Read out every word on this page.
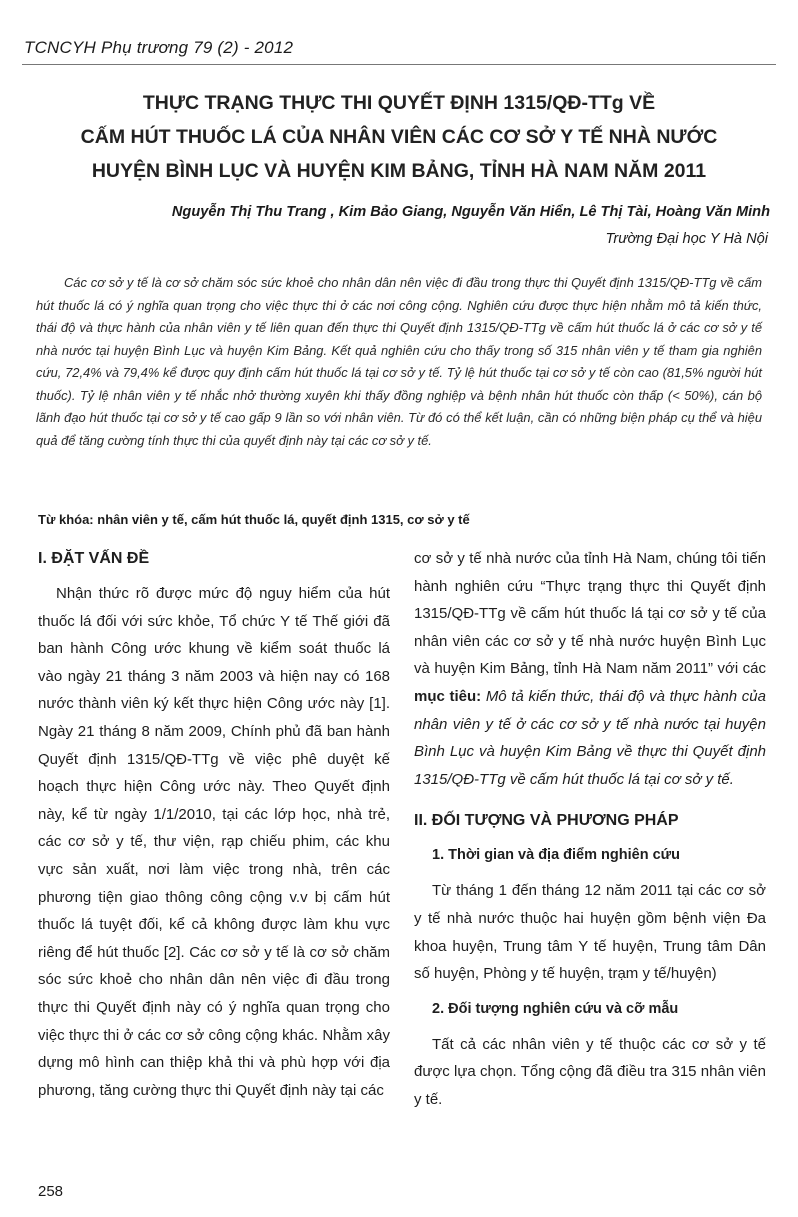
TCNCYH Phụ trương 79 (2) - 2012
THỰC TRẠNG THỰC THI QUYẾT ĐỊNH 1315/QĐ-TTg VỀ
CẤM HÚT THUỐC LÁ CỦA NHÂN VIÊN CÁC CƠ SỞ Y TẾ NHÀ NƯỚC
HUYỆN BÌNH LỤC VÀ HUYỆN KIM BẢNG, TỈNH HÀ NAM NĂM 2011
Nguyễn Thị Thu Trang , Kim Bảo Giang, Nguyễn Văn Hiển, Lê Thị Tài, Hoàng Văn Minh
Trường Đại học Y Hà Nội

Các cơ sở y tế là cơ sở chăm sóc sức khoẻ cho nhân dân nên việc đi đầu trong thực thi Quyết định 1315/QĐ-TTg về cấm hút thuốc lá có ý nghĩa quan trọng cho việc thực thi ở các nơi công cộng. Nghiên cứu được thực hiện nhằm mô tả kiến thức, thái độ và thực hành của nhân viên y tế liên quan đến thực thi Quyết định 1315/QĐ-TTg về cấm hút thuốc lá ở các cơ sở y tế nhà nước tại huyện Bình Lục và huyện Kim Bảng. Kết quả nghiên cứu cho thấy trong số 315 nhân viên y tế tham gia nghiên cứu, 72,4% và 79,4% kể được quy định cấm hút thuốc lá tại cơ sở y tế. Tỷ lệ hút thuốc tại cơ sở y tế còn cao (81,5% người hút thuốc). Tỷ lệ nhân viên y tế nhắc nhở thường xuyên khi thấy đồng nghiệp và bệnh nhân hút thuốc còn thấp (< 50%), cán bộ lãnh đạo hút thuốc tại cơ sở y tế cao gấp 9 lần so với nhân viên. Từ đó có thể kết luận, cần có những biện pháp cụ thể và hiệu quả để tăng cường tính thực thi của quyết định này tại các cơ sở y tế.

Từ khóa: nhân viên y tế, cấm hút thuốc lá, quyết định 1315, cơ sở y tế
I. ĐẶT VẤN ĐỀ

Nhận thức rõ được mức độ nguy hiểm của hút thuốc lá đối với sức khỏe, Tổ chức Y tế Thế giới đã ban hành Công ước khung về kiểm soát thuốc lá vào ngày 21 tháng 3 năm 2003 và hiện nay có 168 nước thành viên ký kết thực hiện Công ước này [1]. Ngày 21 tháng 8 năm 2009, Chính phủ đã ban hành Quyết định 1315/QĐ-TTg về việc phê duyệt kế hoạch thực hiện Công ước này. Theo Quyết định này, kể từ ngày 1/1/2010, tại các lớp học, nhà trẻ, các cơ sở y tế, thư viện, rạp chiếu phim, các khu vực sản xuất, nơi làm việc trong nhà, trên các phương tiện giao thông công cộng v.v bị cấm hút thuốc lá tuyệt đối, kể cả không được làm khu vực riêng để hút thuốc [2]. Các cơ sở y tế là cơ sở chăm sóc sức khoẻ cho nhân dân nên việc đi đầu trong thực thi Quyết định này có ý nghĩa quan trọng cho việc thực thi ở các cơ sở công cộng khác. Nhằm xây dựng mô hình can thiệp khả thi và phù hợp với địa phương, tăng cường thực thi Quyết định này tại các

cơ sở y tế nhà nước của tỉnh Hà Nam, chúng tôi tiến hành nghiên cứu “Thực trạng thực thi Quyết định 1315/QĐ-TTg về cấm hút thuốc lá tại cơ sở y tế của nhân viên các cơ sở y tế nhà nước huyện Bình Lục và huyện Kim Bảng, tỉnh Hà Nam năm 2011” với các mục tiêu: Mô tả kiến thức, thái độ và thực hành của nhân viên y tế ở các cơ sở y tế nhà nước tại huyện Bình Lục và huyện Kim Bảng về thực thi Quyết định 1315/QĐ-TTg về cấm hút thuốc lá tại cơ sở y tế.

II. ĐỐI TƯỢNG VÀ PHƯƠNG PHÁP
1. Thời gian và địa điểm nghiên cứu

Từ tháng 1 đến tháng 12 năm 2011 tại các cơ sở y tế nhà nước thuộc hai huyện gồm bệnh viện Đa khoa huyện, Trung tâm Y tế huyện, Trung tâm Dân số huyện, Phòng y tế huyện, trạm y tế/huyện)

2. Đối tượng nghiên cứu và cỡ mẫu

Tất cả các nhân viên y tế thuộc các cơ sở y tế được lựa chọn. Tổng cộng đã điều tra 315 nhân viên y tế.

258
